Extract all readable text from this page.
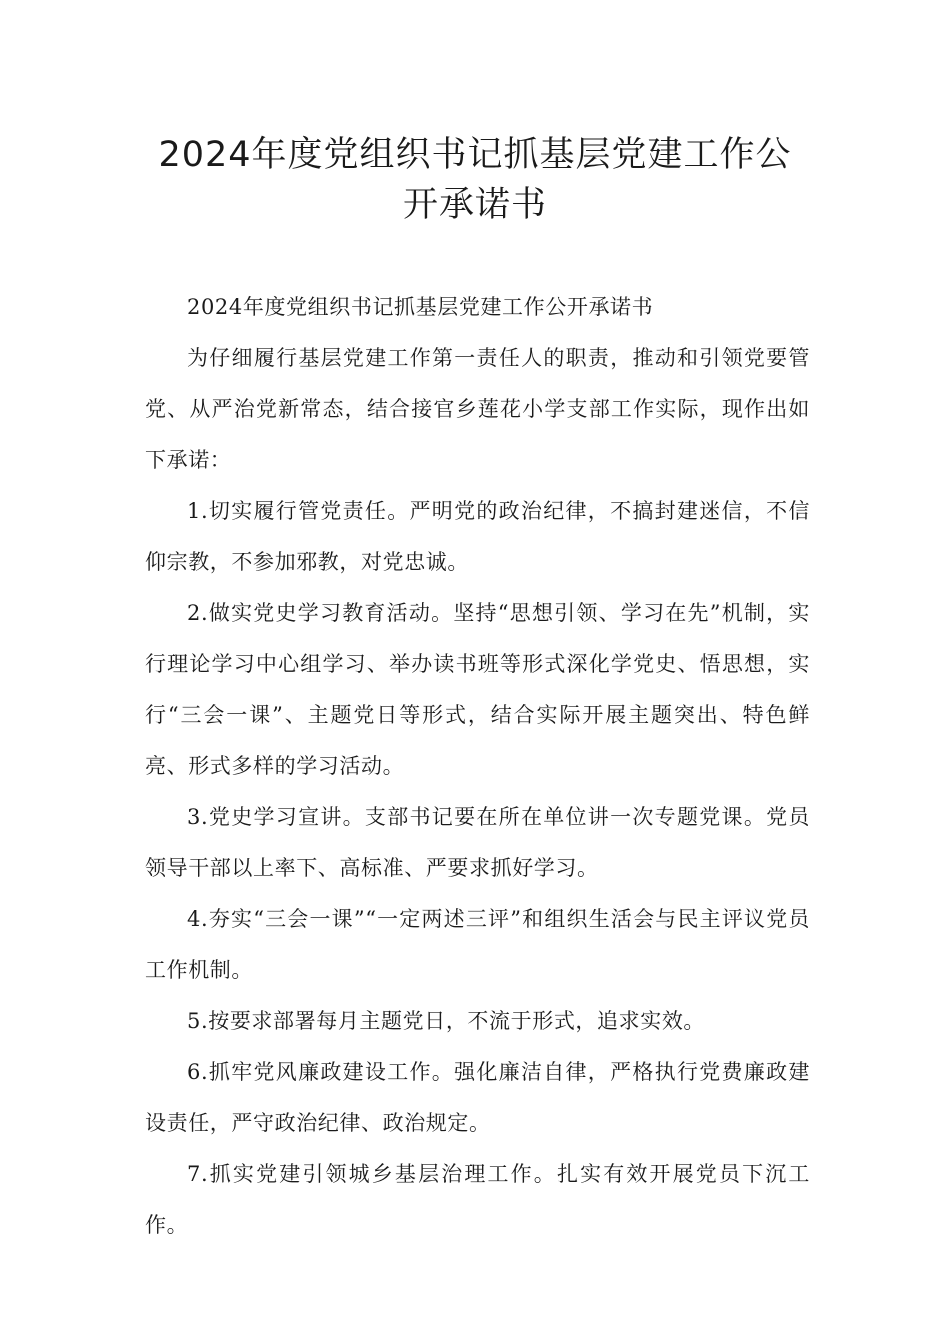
2024年度党组织书记抓基层党建工作公
开承诺书

2024年度党组织书记抓基层党建工作公开承诺书

为仔细履行基层党建工作第一责任人的职责，推动和引领党要管党、从严治党新常态，结合接官乡莲花小学支部工作实际，现作出如下承诺：

1.切实履行管党责任。严明党的政治纪律，不搞封建迷信，不信仰宗教，不参加邪教，对党忠诚。

2.做实党史学习教育活动。坚持“思想引领、学习在先”机制，实行理论学习中心组学习、举办读书班等形式深化学党史、悟思想，实行“三会一课”、主题党日等形式，结合实际开展主题突出、特色鲜亮、形式多样的学习活动。

3.党史学习宣讲。支部书记要在所在单位讲一次专题党课。党员领导干部以上率下、高标准、严要求抓好学习。

4.夯实“三会一课”“一定两述三评”和组织生活会与民主评议党员工作机制。

5.按要求部署每月主题党日，不流于形式，追求实效。

6.抓牢党风廉政建设工作。强化廉洁自律，严格执行党费廉政建设责任，严守政治纪律、政治规定。

7.抓实党建引领城乡基层治理工作。扎实有效开展党员下沉工作。
